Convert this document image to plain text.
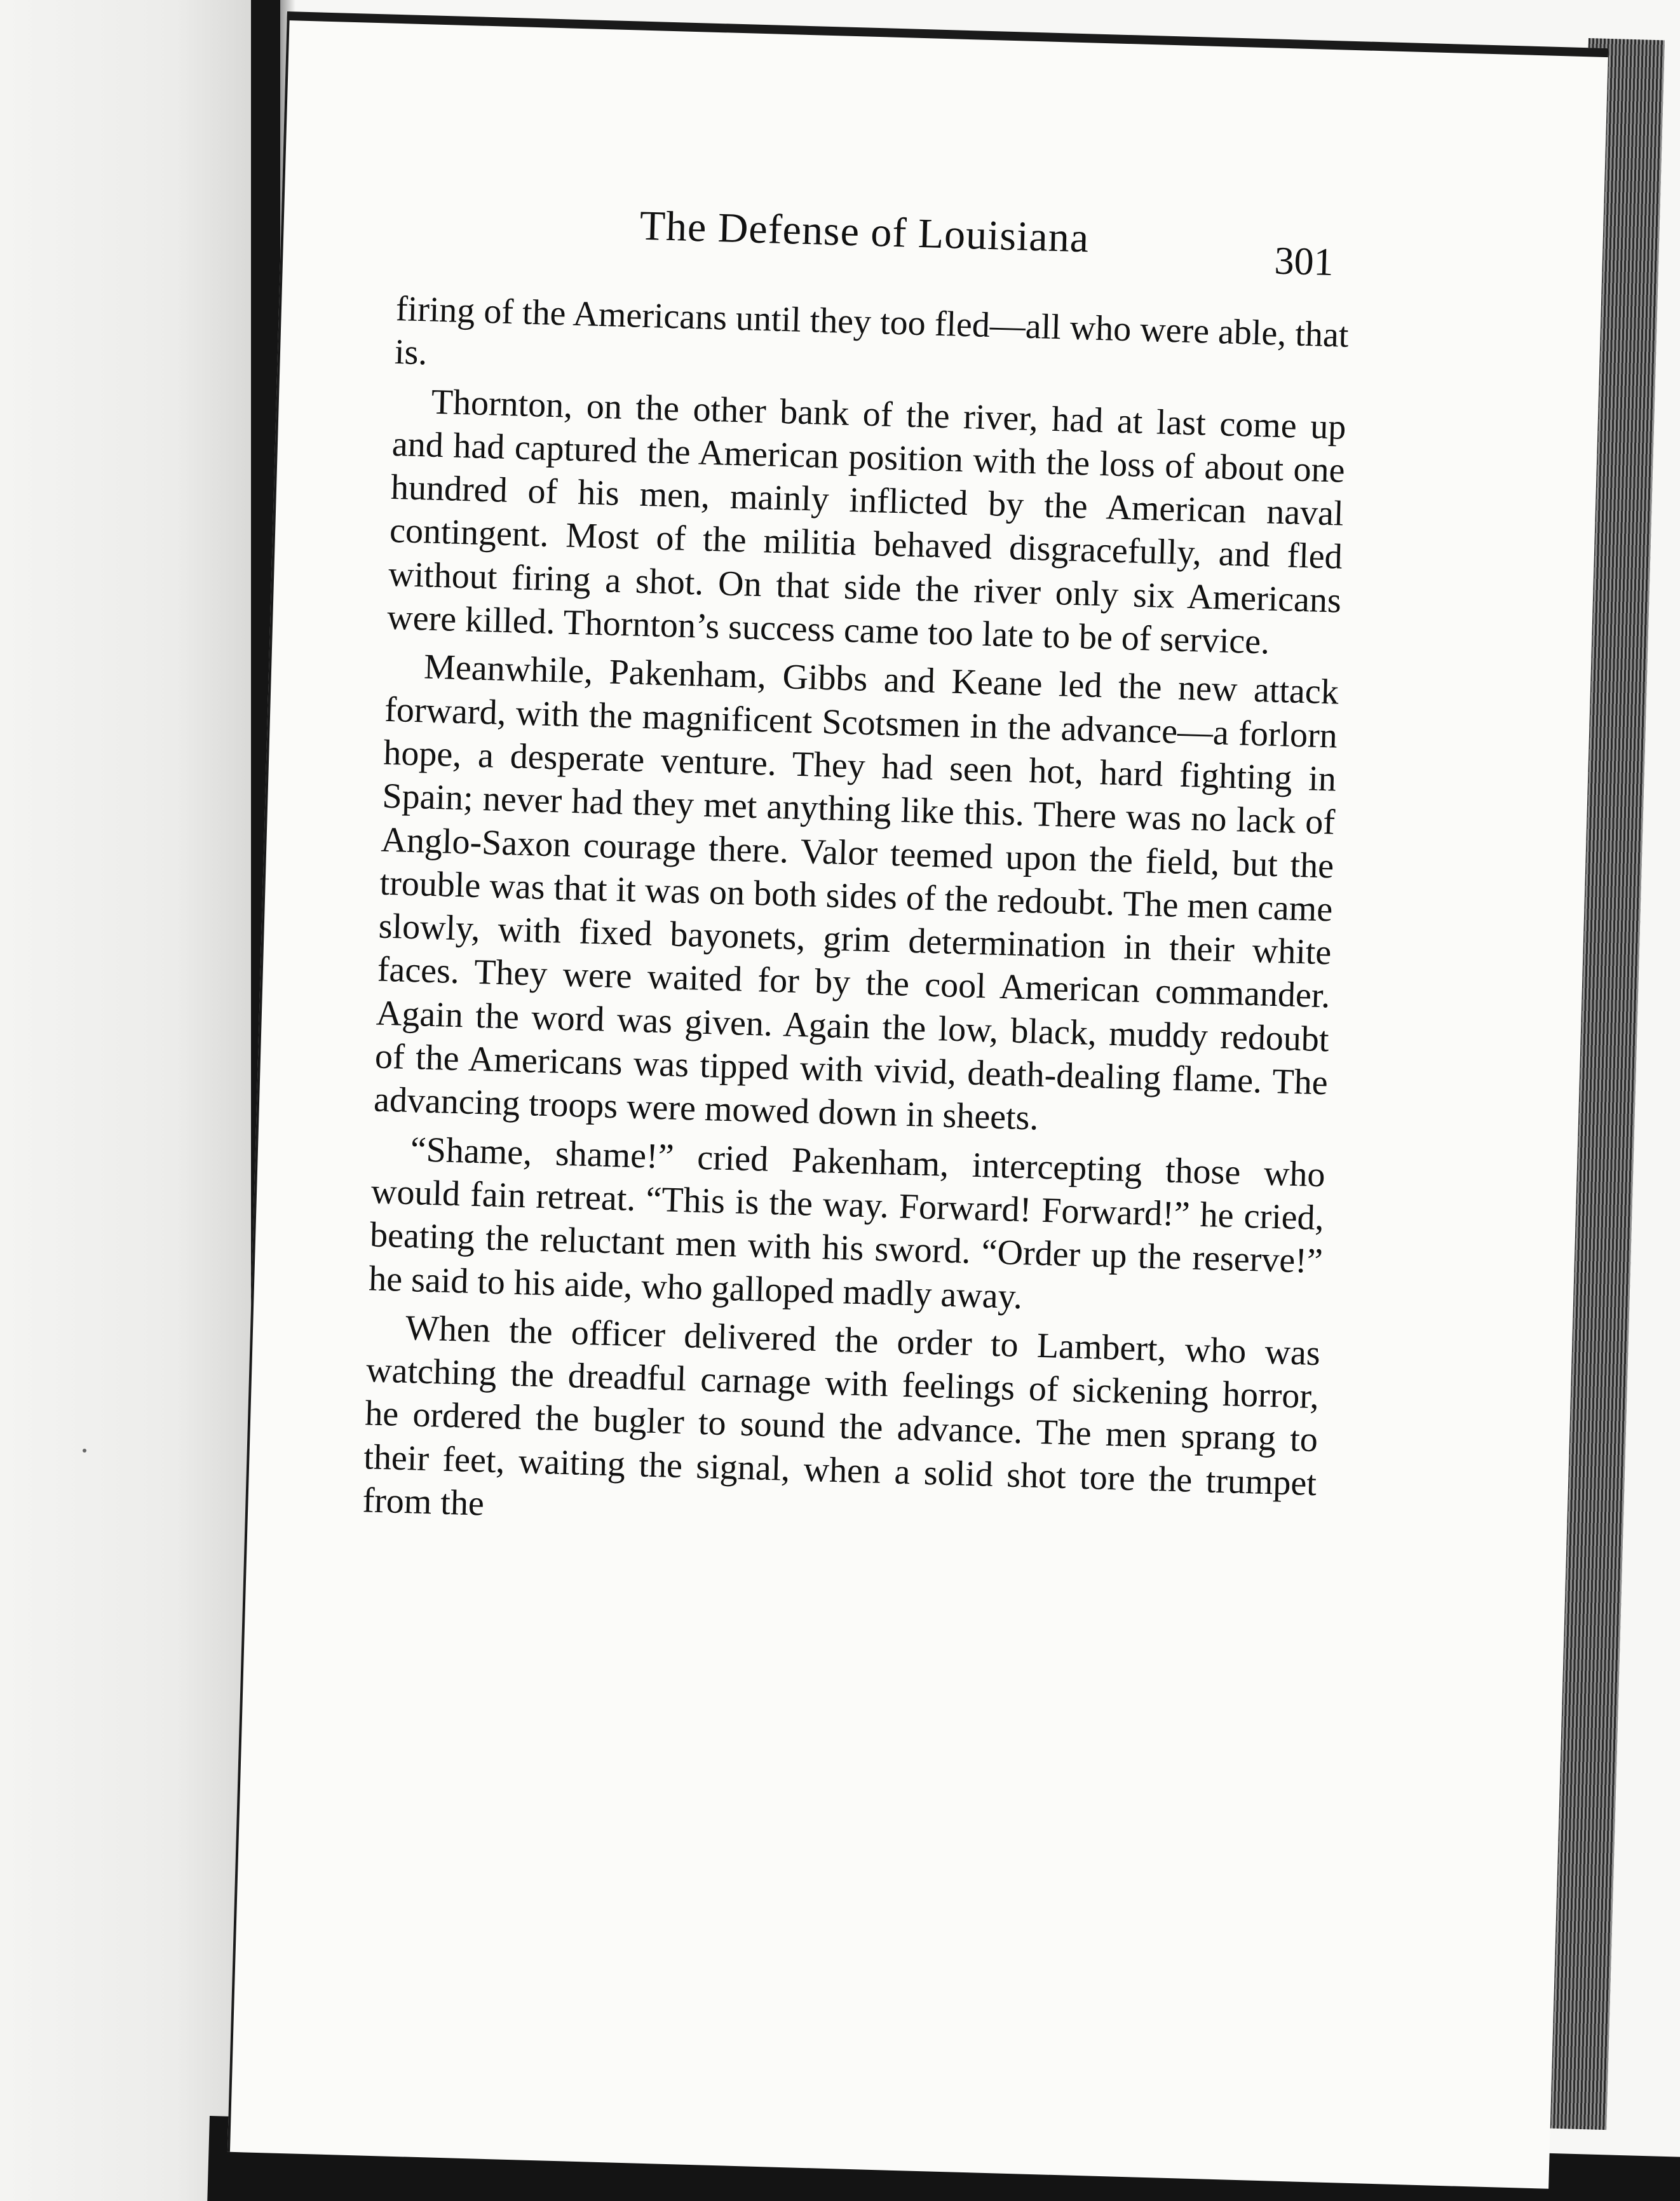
The Defense of Louisiana
301

firing of the Americans until they too fled—all who were able, that is.

Thornton, on the other bank of the river, had at last come up and had captured the American position with the loss of about one hundred of his men, mainly inflicted by the American naval contingent. Most of the militia behaved disgracefully, and fled without firing a shot. On that side the river only six Americans were killed. Thornton’s success came too late to be of service.

Meanwhile, Pakenham, Gibbs and Keane led the new attack forward, with the magnificent Scotsmen in the advance—a forlorn hope, a desperate venture. They had seen hot, hard fighting in Spain; never had they met anything like this. There was no lack of Anglo-Saxon courage there. Valor teemed upon the field, but the trouble was that it was on both sides of the redoubt. The men came slowly, with fixed bayonets, grim determination in their white faces. They were waited for by the cool American commander. Again the word was given. Again the low, black, muddy redoubt of the Americans was tipped with vivid, death-dealing flame. The advancing troops were mowed down in sheets.

“Shame, shame!” cried Pakenham, intercepting those who would fain retreat. “This is the way. Forward! Forward!” he cried, beating the reluctant men with his sword. “Order up the reserve!” he said to his aide, who galloped madly away.

When the officer delivered the order to Lambert, who was watching the dreadful carnage with feelings of sickening horror, he ordered the bugler to sound the advance. The men sprang to their feet, waiting the signal, when a solid shot tore the trumpet from the
